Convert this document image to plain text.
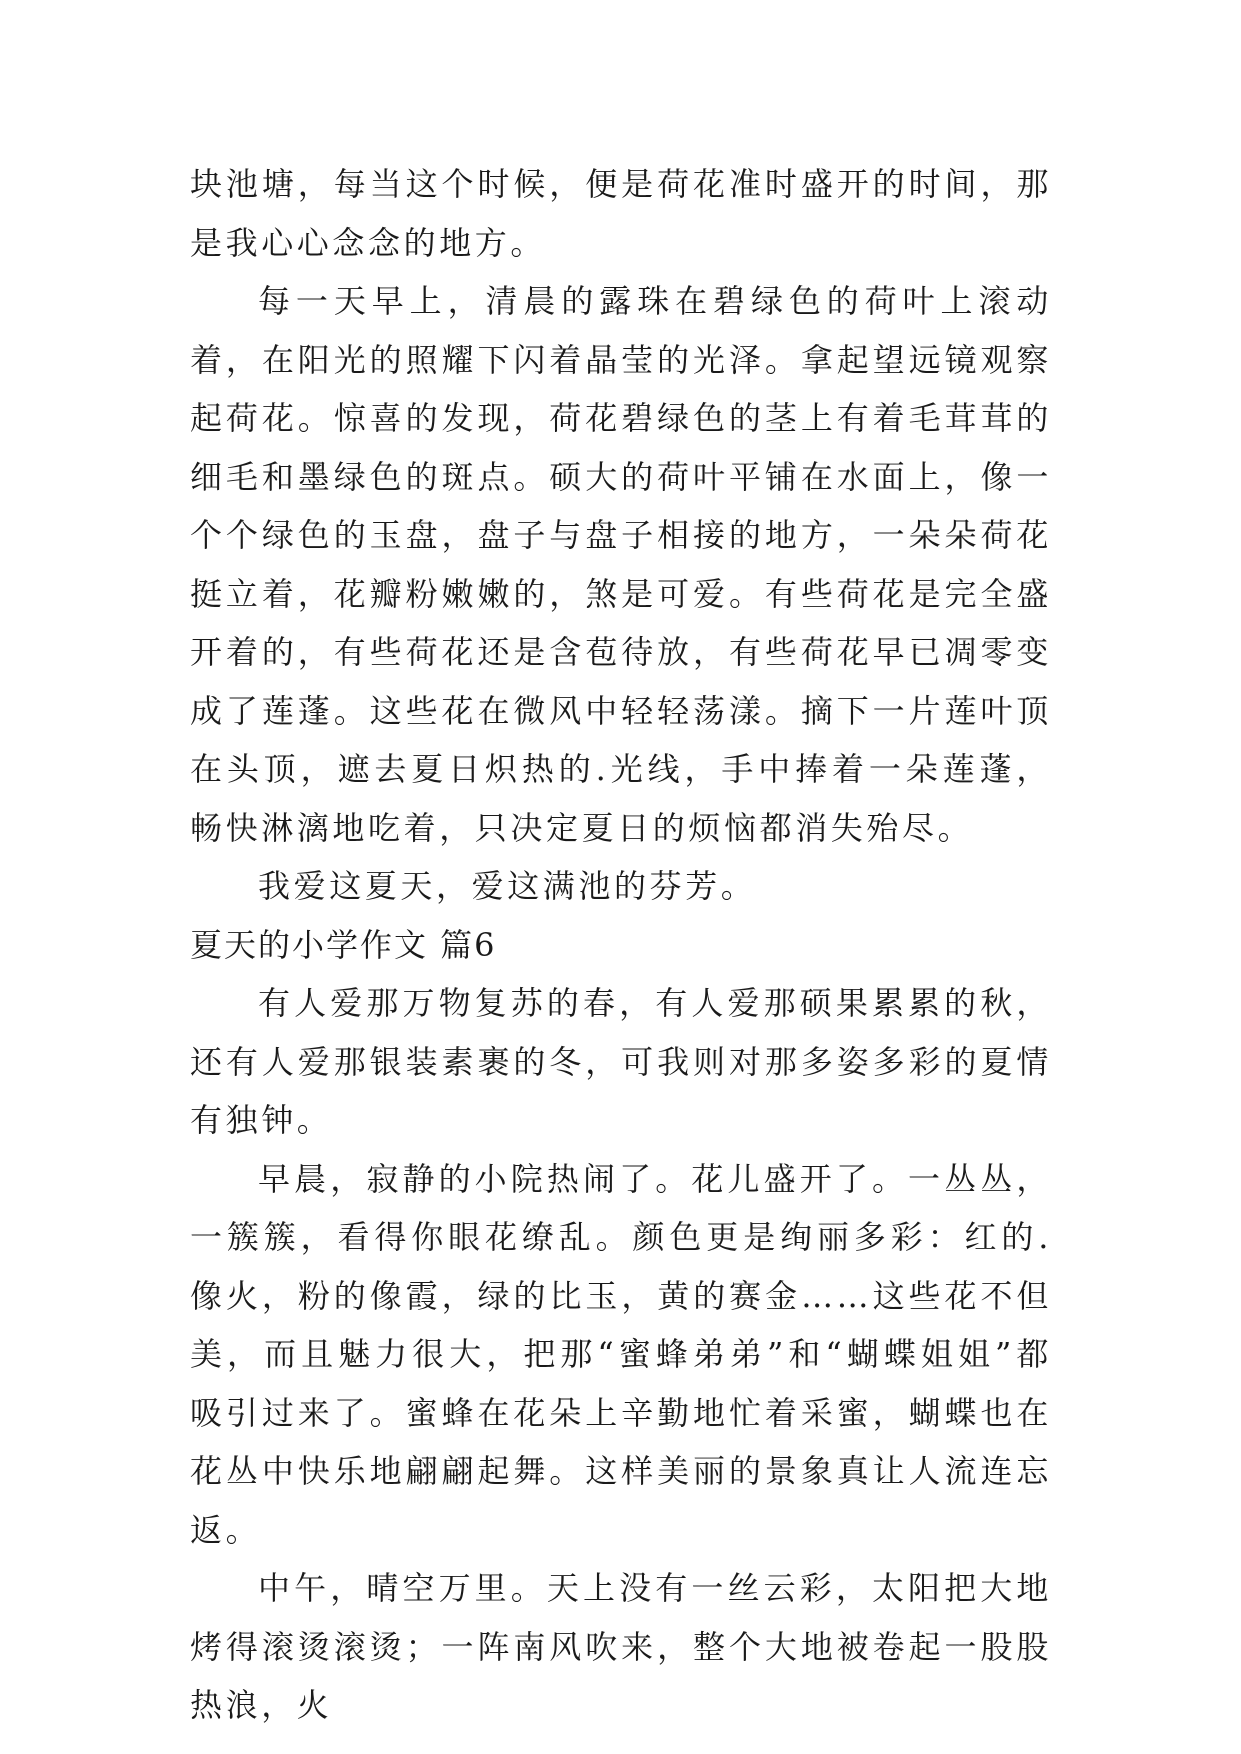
块池塘，每当这个时候，便是荷花准时盛开的时间，那是我心心念念的地方。

每一天早上，清晨的露珠在碧绿色的荷叶上滚动着，在阳光的照耀下闪着晶莹的光泽。拿起望远镜观察起荷花。惊喜的发现，荷花碧绿色的茎上有着毛茸茸的细毛和墨绿色的斑点。硕大的荷叶平铺在水面上，像一个个绿色的玉盘，盘子与盘子相接的地方，一朵朵荷花挺立着，花瓣粉嫩嫩的，煞是可爱。有些荷花是完全盛开着的，有些荷花还是含苞待放，有些荷花早已凋零变成了莲蓬。这些花在微风中轻轻荡漾。摘下一片莲叶顶在头顶，遮去夏日炽热的.光线，手中捧着一朵莲蓬，畅快淋漓地吃着，只决定夏日的烦恼都消失殆尽。

我爱这夏天，爱这满池的芬芳。

夏天的小学作文 篇6

有人爱那万物复苏的春，有人爱那硕果累累的秋，还有人爱那银装素裹的冬，可我则对那多姿多彩的夏情有独钟。

早晨，寂静的小院热闹了。花儿盛开了。一丛丛，一簇簇，看得你眼花缭乱。颜色更是绚丽多彩：红的.像火，粉的像霞，绿的比玉，黄的赛金……这些花不但美，而且魅力很大，把那“蜜蜂弟弟”和“蝴蝶姐姐”都吸引过来了。蜜蜂在花朵上辛勤地忙着采蜜，蝴蝶也在花丛中快乐地翩翩起舞。这样美丽的景象真让人流连忘返。

中午，晴空万里。天上没有一丝云彩，太阳把大地烤得滚烫滚烫；一阵南风吹来，整个大地被卷起一股股热浪，火
